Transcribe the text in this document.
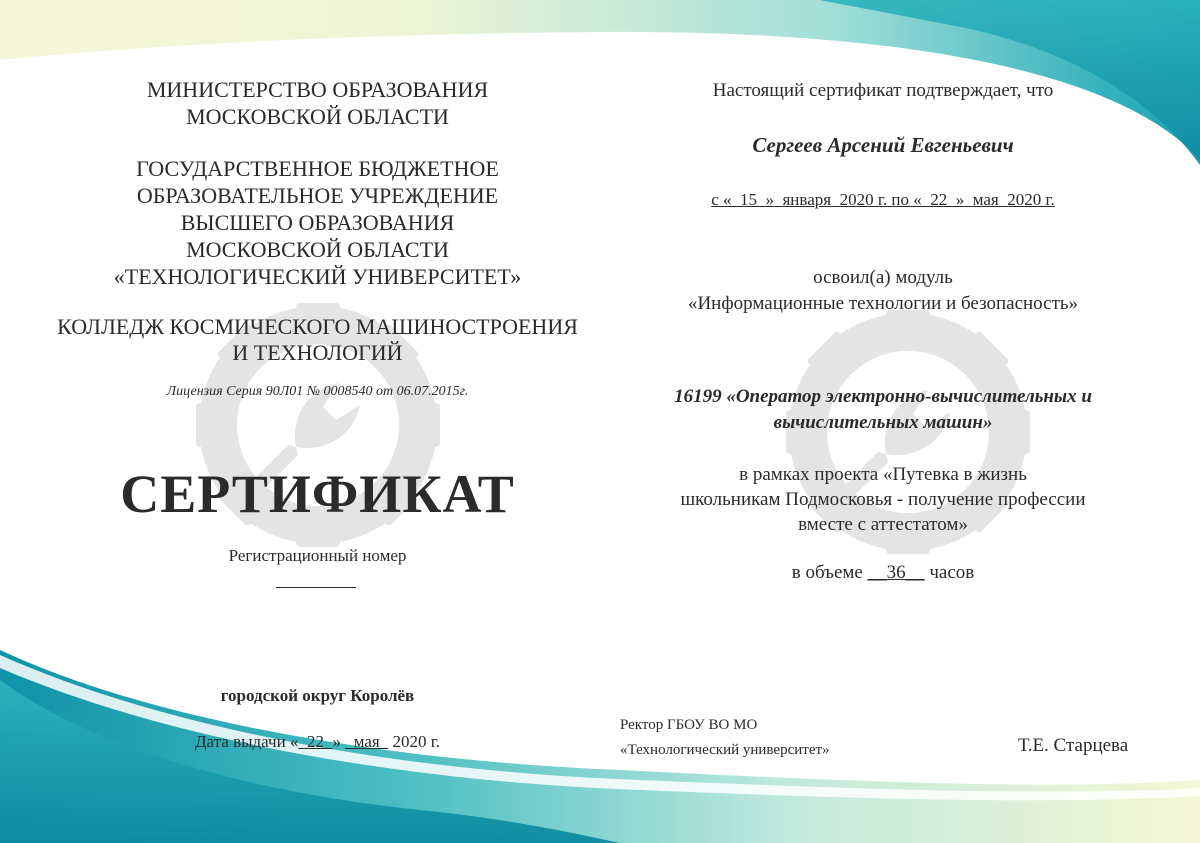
МИНИСТЕРСТВО ОБРАЗОВАНИЯ

МОСКОВСКОЙ ОБЛАСТИ

ГОСУДАРСТВЕННОЕ БЮДЖЕТНОЕ

ОБРАЗОВАТЕЛЬНОЕ УЧРЕЖДЕНИЕ

ВЫСШЕГО ОБРАЗОВАНИЯ

МОСКОВСКОЙ ОБЛАСТИ

«ТЕХНОЛОГИЧЕСКИЙ УНИВЕРСИТЕТ»

КОЛЛЕДЖ КОСМИЧЕСКОГО МАШИНОСТРОЕНИЯ

И ТЕХНОЛОГИЙ

Лицензия Серия 90Л01 № 0008540 от 06.07.2015г.

СЕРТИФИКАТ

Регистрационный номер

городской округ Королёв

Дата выдачи «_22_» _мая_ 2020 г.

Настоящий сертификат подтверждает, что

Сергеев Арсений Евгеньевич

с «_15_»_января_2020 г. по «_22_»_мая_2020 г.

освоил(а) модуль

«Информационные технологии и безопасность»

16199 «Оператор электронно-вычислительных и

вычислительных машин»

в рамках проекта «Путевка в жизнь

школьникам Подмосковья - получение профессии

вместе с аттестатом»

в объеме __36__ часов

Ректор ГБОУ ВО МО

«Технологический университет»	Т.Е. Старцева
